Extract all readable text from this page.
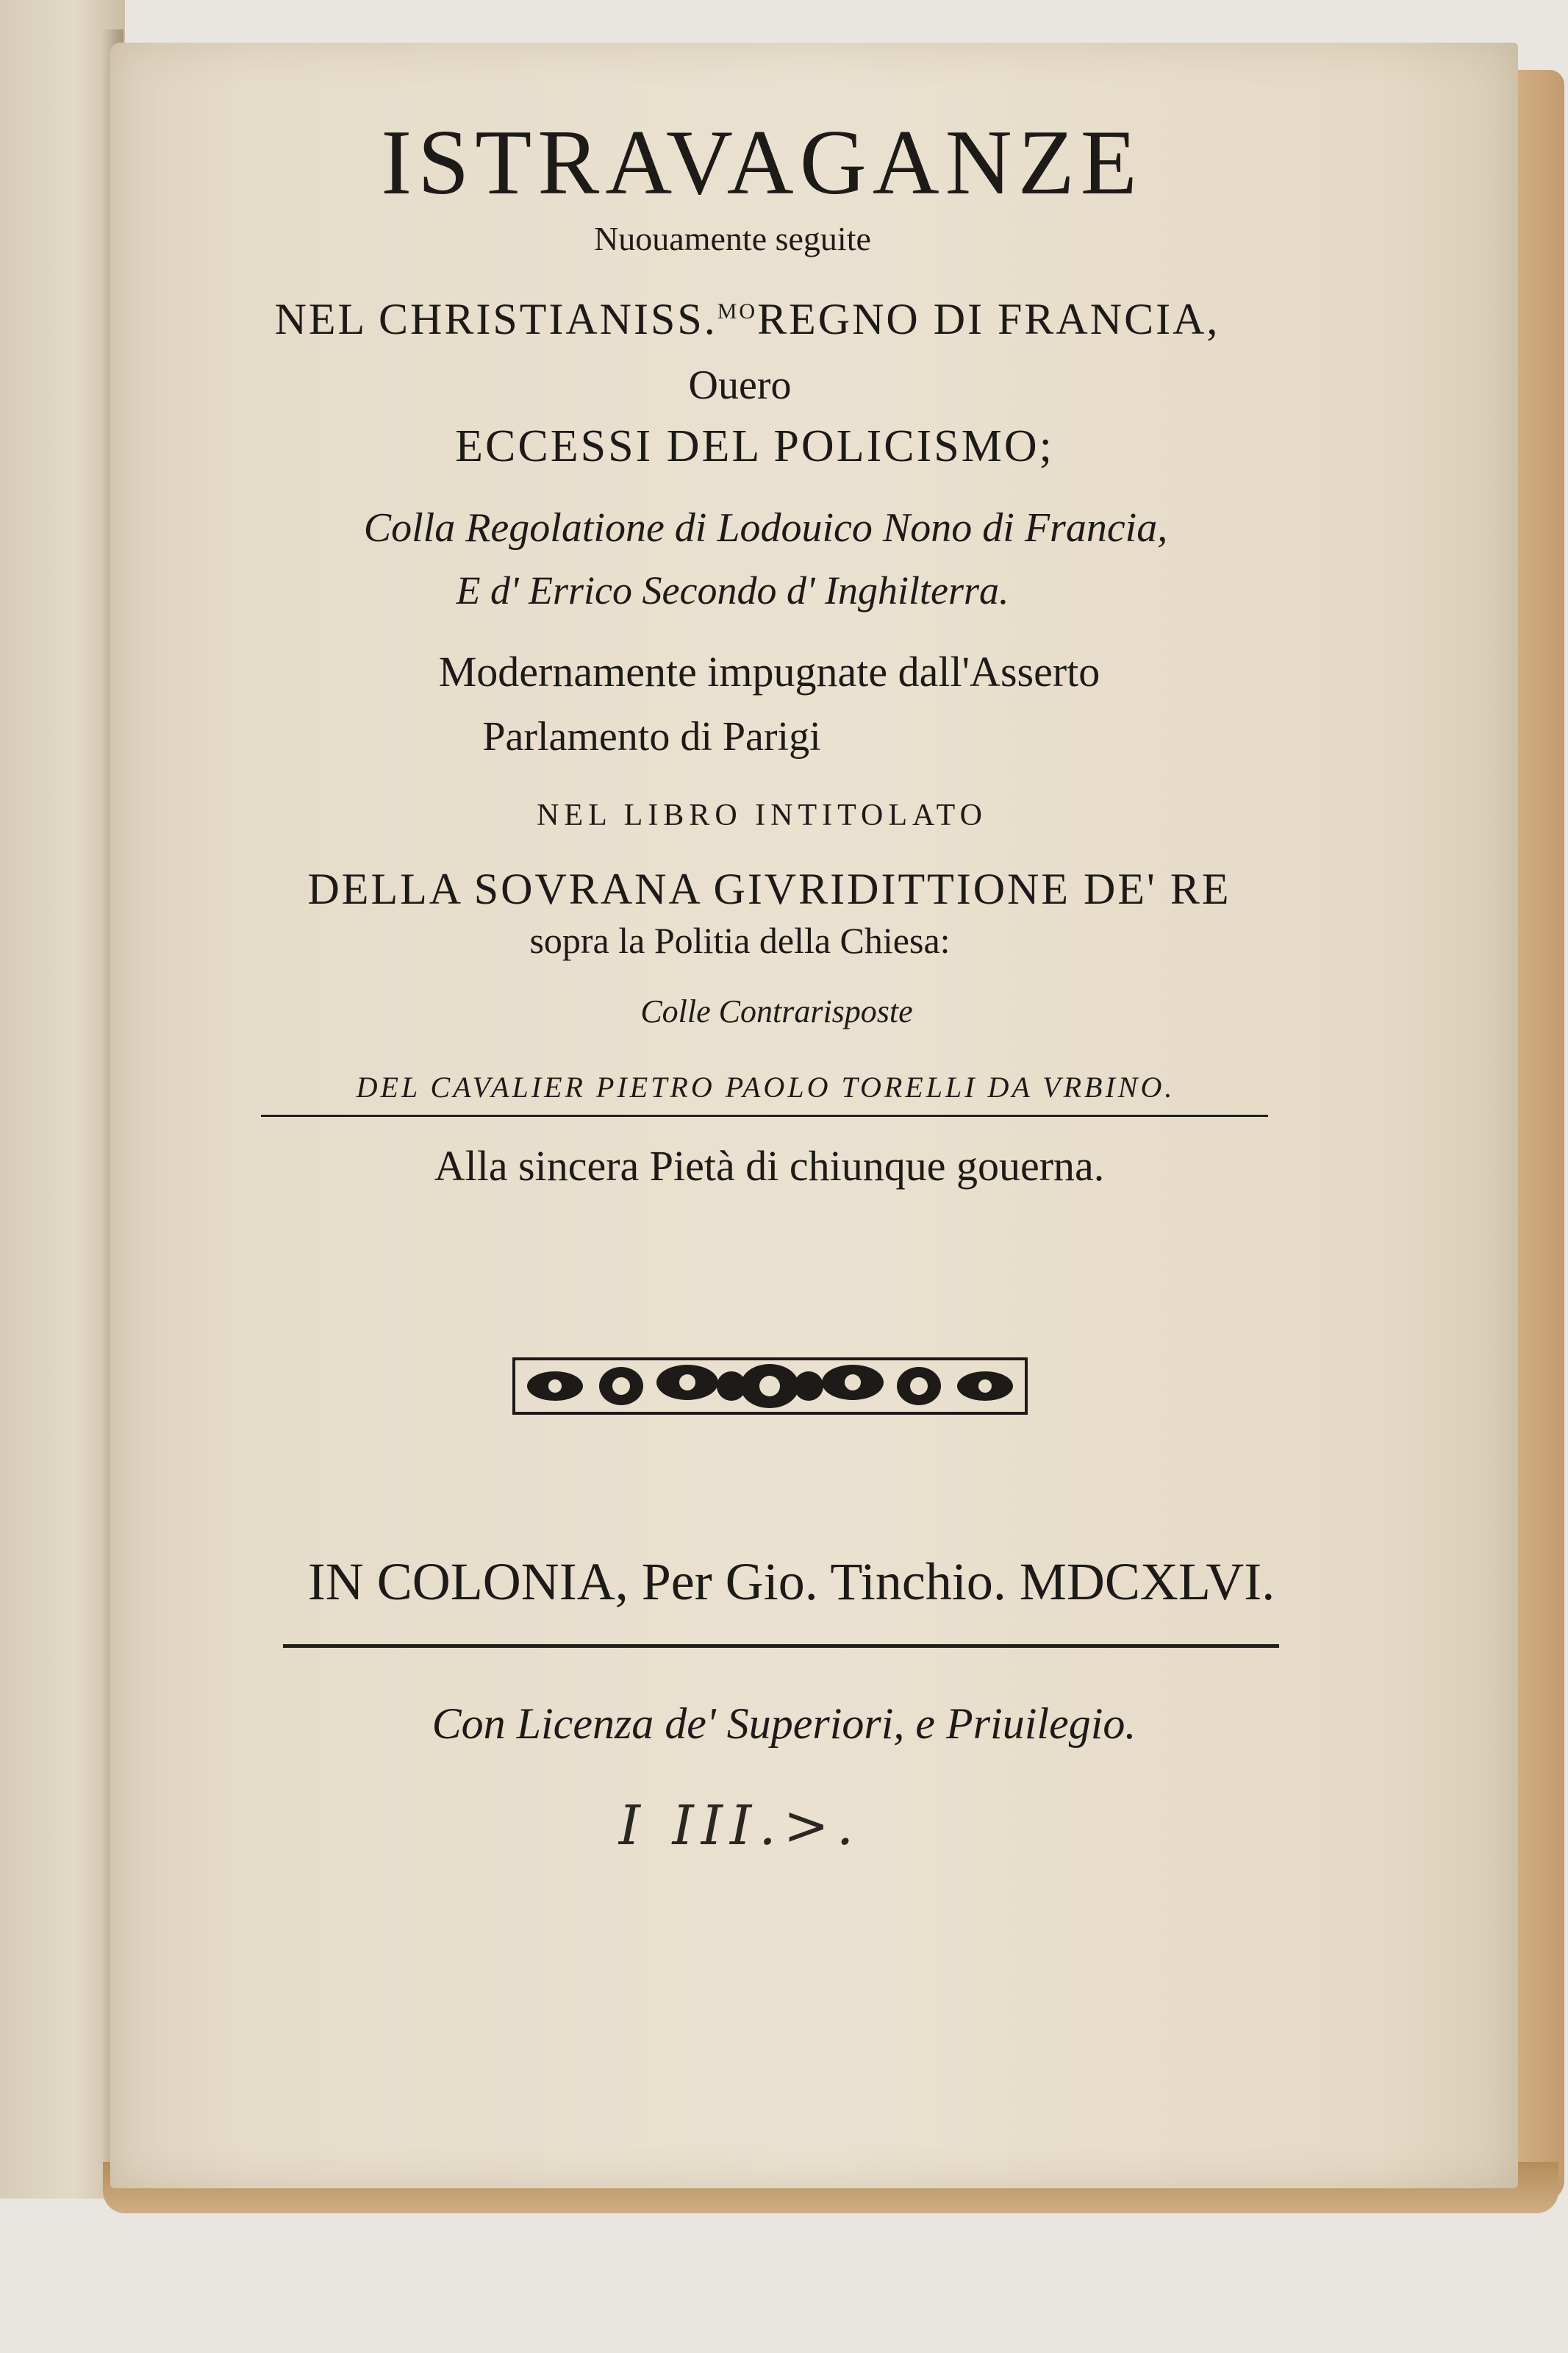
ISTRAVAGANZE
Nuouamente seguite
NEL CHRISTIANISS.$^{MO}$REGNO DI FRANCIA,
Ouero
ECCESSI DEL POLICISMO;
Colla Regolatione di Lodouico Nono di Francia,
E d' Errico Secondo d' Inghilterra.
Modernamente impugnate dall'Asserto
Parlamento di Parigi
NEL LIBRO INTITOLATO
DELLA SOVRANA GIVRIDITTIONE DE' RE
sopra la Politia della Chiesa:
Colle Contrarisposte
DEL CAVALIER PIETRO PAOLO TORELLI DA VRBINO.
Alla sincera Pietà di chiunque gouerna.
IN COLONIA, Per Gio. Tinchio. MDCXLVI.
Con Licenza de' Superiori, e Priuilegio.
I III.>.
